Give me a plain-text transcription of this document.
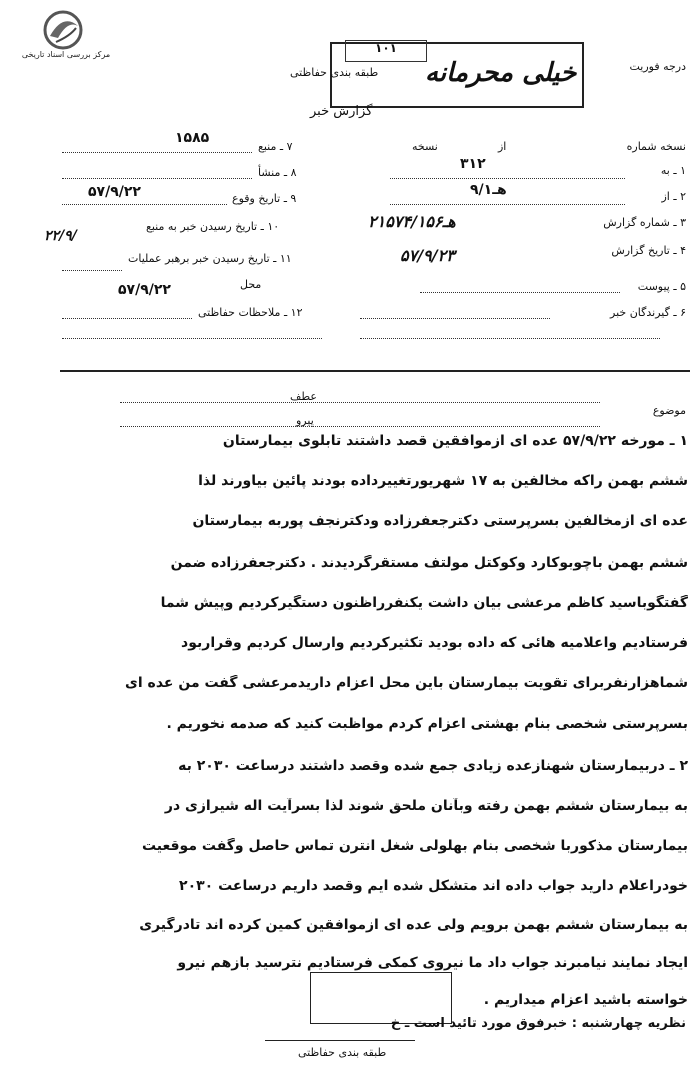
مرکز بررسی اسناد تاریخی
درجه فوریت
۱۰۱
طبقه بندی حفاظتی خیلی محرمانه
گزارش خبر
۷ ـ منبع
۱۵۸۵
۸ ـ منشأ
۹ ـ تاریخ وقوع
۵۷/۹/۲۲
۱۰ ـ تاریخ رسیدن خبر به منبع
۲۲/۹/
۱۱ ـ تاریخ رسیدن خبر برهبر عملیات
محل
۵۷/۹/۲۲
۱۲ ـ ملاحظات حفاظتی
نسخه شماره
از
نسخه
۱ ـ به
۳۱۲
۲ ـ از
۹/هـ۱
۳ ـ شماره گزارش
۲۱۵۷۴/هـ۱۵۶
۴ ـ تاریخ گزارش
۵۷/۹/۲۳
۵ ـ پیوست
۶ ـ گیرندگان خبر
عطف
موضوع
پیرو
۱ ـ مورخه ۵۷/۹/۲۲ عده ای ازموافقین قصد داشتند تابلوی بیمارستان
ششم بهمن راکه مخالفین به ۱۷ شهریورتغییرداده بودند پائین بیاورند لذا
عده ای ازمخالفین بسرپرستی دکترجعفرزاده ودکترنجف پوربه بیمارستان
ششم بهمن باچوبوکارد وکوکتل مولتف مستقرگردیدند . دکترجعفرزاده ضمن
گفتگوباسید کاظم مرعشی بیان داشت یکنفرراظنون دستگیرکردیم وپیش شما
فرستادیم واعلامیه هائی که داده بودید تکثیرکردیم وارسال کردیم وقراربود
شماهزارنفربرای تقویت بیمارستان باین محل اعزام داریدمرعشی گفت من عده ای
بسرپرستی شخصی بنام بهشتی اعزام کردم مواظبت کنید که صدمه نخوریم .
۲ ـ دربیمارستان شهنازعده زیادی جمع شده وقصد داشتند درساعت ۲۰۳۰ به
به بیمارستان ششم بهمن رفته وبآنان ملحق شوند لذا بسرآیت اله شیرازی در
بیمارستان مذکوربا شخصی بنام بهلولی شغل انترن تماس حاصل وگفت موقعیت
خودراعلام دارید جواب داده اند متشکل شده ایم وقصد داریم درساعت ۲۰۳۰
به بیمارستان ششم بهمن برویم ولی عده ای ازموافقین کمین کرده اند تادرگیری
ایجاد نمایند نیامبرند جواب داد ما نیروی کمکی فرستادیم نترسید بازهم نیرو
خواسته باشید اعزام میداریم .
نظریه چهارشنبه : خبرفوق مورد تائید است ـ خ
طبقه بندی حفاظتی
